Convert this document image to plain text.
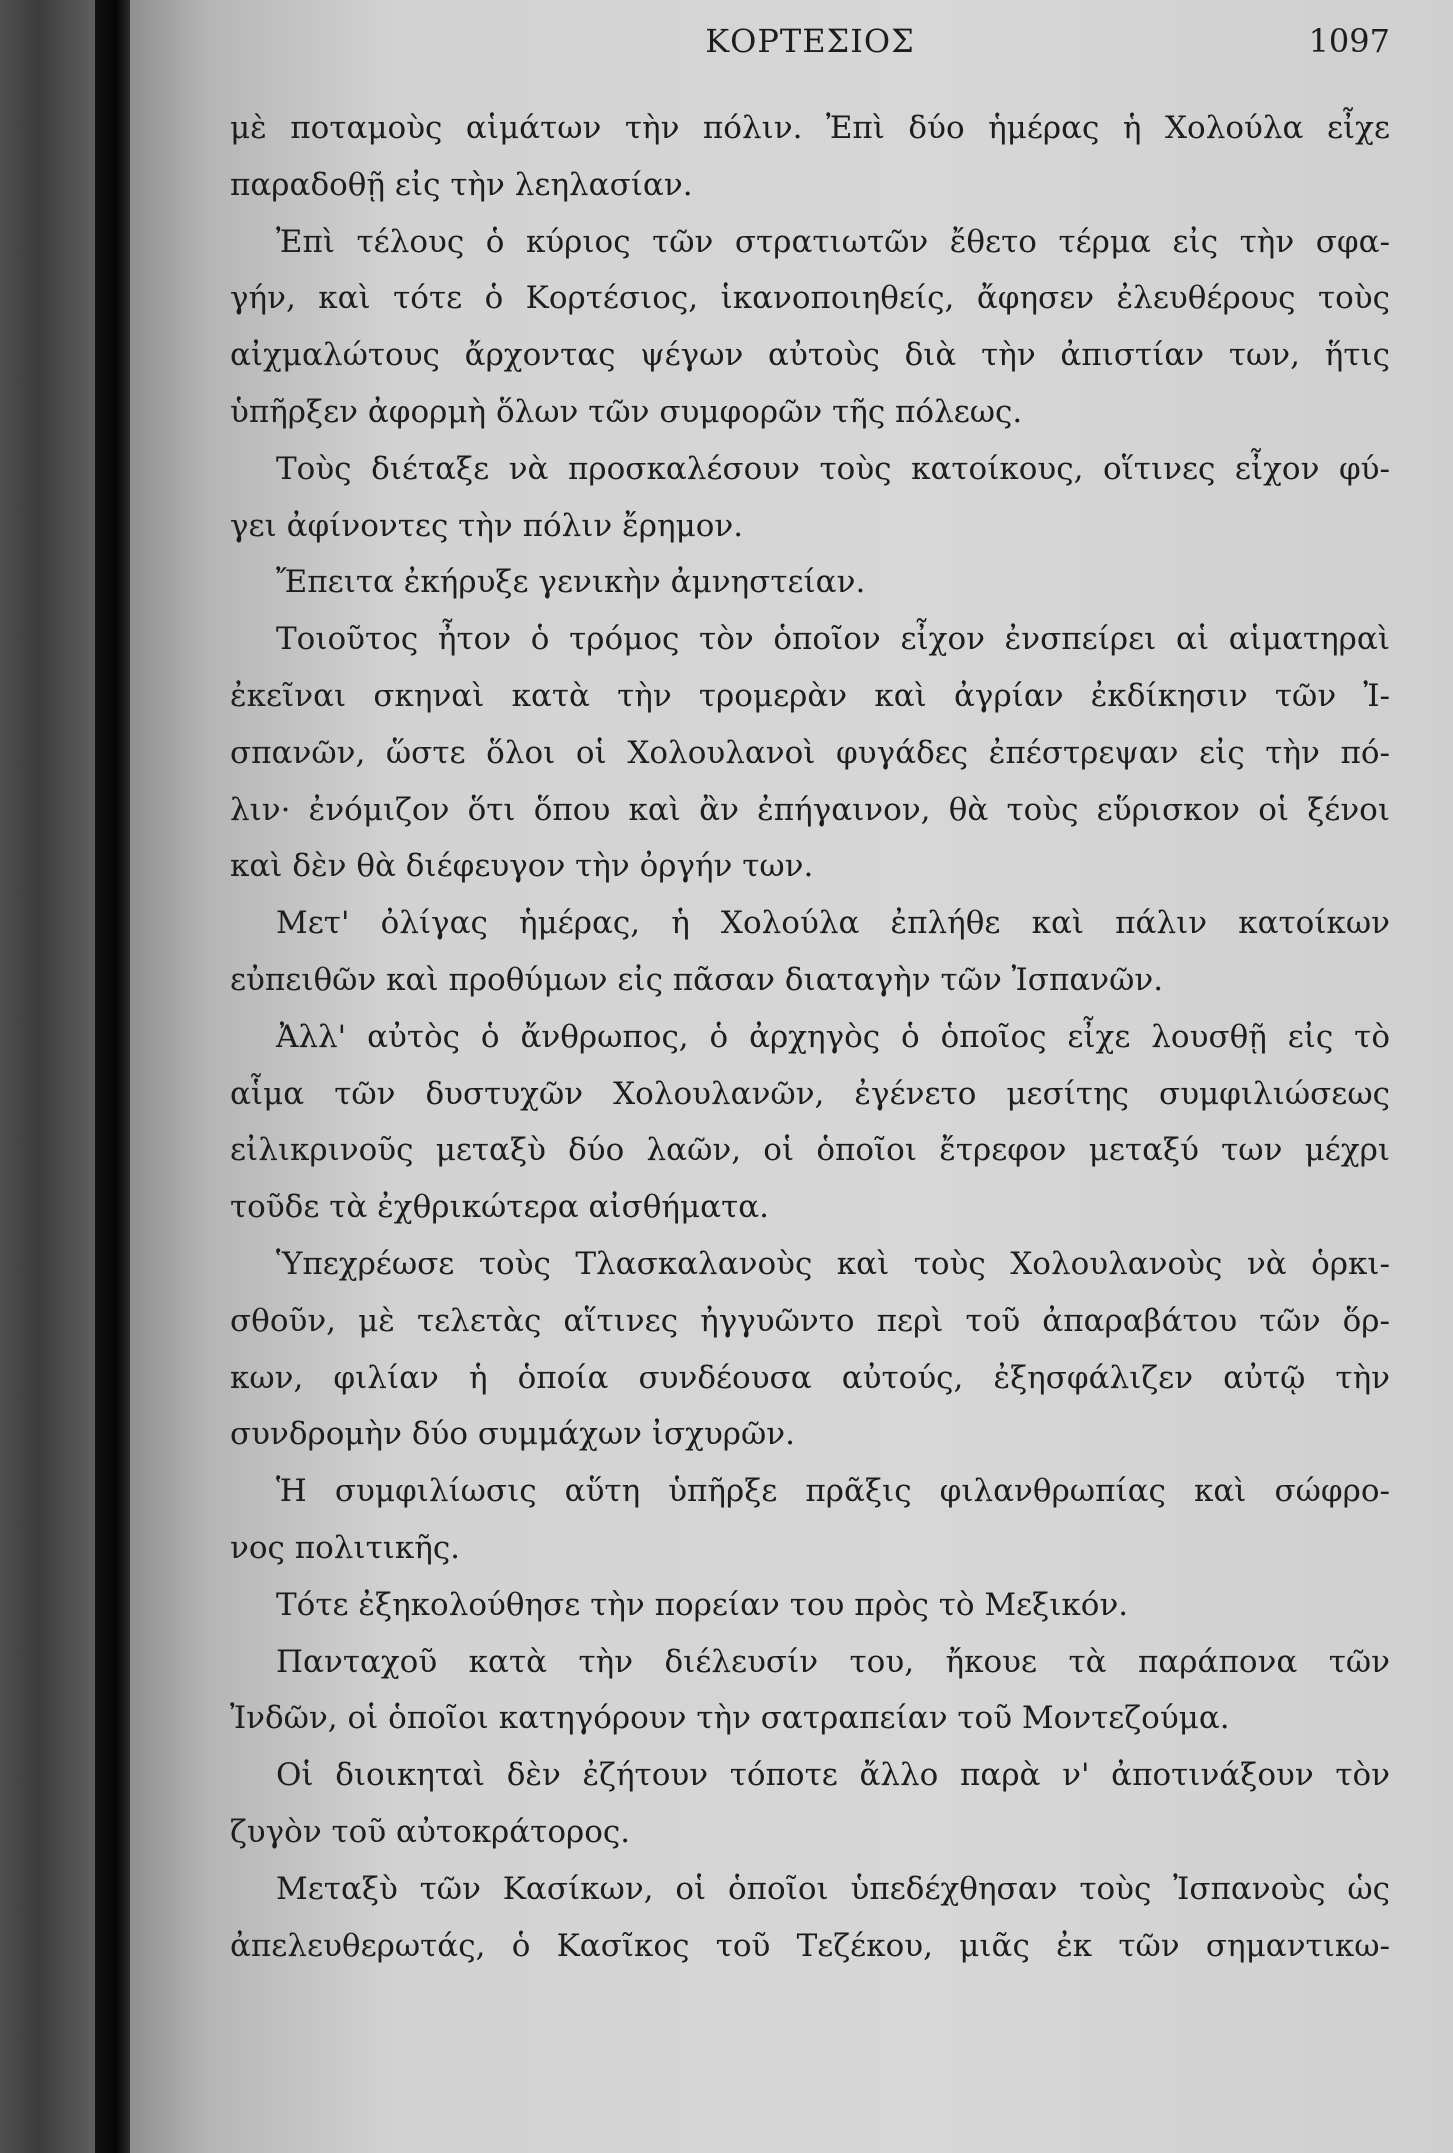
ΚΟΡΤΕΣΙΟΣ	1097
μὲ ποταμοὺς αἱμάτων τὴν πόλιν. Ἐπὶ δύο ἡμέρας ἡ Χολούλα εἶχε
παραδοθῇ εἰς τὴν λεηλασίαν.
Ἐπὶ τέλους ὁ κύριος τῶν στρατιωτῶν ἔθετο τέρμα εἰς τὴν σφα-
γήν, καὶ τότε ὁ Κορτέσιος, ἱκανοποιηθείς, ἄφησεν ἐλευθέρους τοὺς
αἰχμαλώτους ἄρχοντας ψέγων αὐτοὺς διὰ τὴν ἀπιστίαν των, ἥτις
ὑπῆρξεν ἀφορμὴ ὅλων τῶν συμφορῶν τῆς πόλεως.
Τοὺς διέταξε νὰ προσκαλέσουν τοὺς κατοίκους, οἵτινες εἶχον φύ-
γει ἀφίνοντες τὴν πόλιν ἔρημον.
Ἔπειτα ἐκήρυξε γενικὴν ἀμνηστείαν.
Τοιοῦτος ἦτον ὁ τρόμος τὸν ὁποῖον εἶχον ἐνσπείρει αἱ αἱματηραὶ
ἐκεῖναι σκηναὶ κατὰ τὴν τρομερὰν καὶ ἀγρίαν ἐκδίκησιν τῶν Ἰ-
σπανῶν, ὥστε ὅλοι οἱ Χολουλανοὶ φυγάδες ἐπέστρεψαν εἰς τὴν πό-
λιν· ἐνόμιζον ὅτι ὅπου καὶ ἂν ἐπήγαινον, θὰ τοὺς εὕρισκον οἱ ξένοι
καὶ δὲν θὰ διέφευγον τὴν ὀργήν των.
Μετ' ὀλίγας ἡμέρας, ἡ Χολούλα ἐπλήθε καὶ πάλιν κατοίκων
εὐπειθῶν καὶ προθύμων εἰς πᾶσαν διαταγὴν τῶν Ἰσπανῶν.
Ἀλλ' αὐτὸς ὁ ἄνθρωπος, ὁ ἀρχηγὸς ὁ ὁποῖος εἶχε λουσθῇ εἰς τὸ
αἷμα τῶν δυστυχῶν Χολουλανῶν, ἐγένετο μεσίτης συμφιλιώσεως
εἰλικρινοῦς μεταξὺ δύο λαῶν, οἱ ὁποῖοι ἔτρεφον μεταξύ των μέχρι
τοῦδε τὰ ἐχθρικώτερα αἰσθήματα.
Ὑπεχρέωσε τοὺς Τλασκαλανοὺς καὶ τοὺς Χολουλανοὺς νὰ ὁρκι-
σθοῦν, μὲ τελετὰς αἵτινες ἠγγυῶντο περὶ τοῦ ἀπαραβάτου τῶν ὅρ-
κων, φιλίαν ἡ ὁποία συνδέουσα αὐτούς, ἐξησφάλιζεν αὐτῷ τὴν
συνδρομὴν δύο συμμάχων ἰσχυρῶν.
Ἡ συμφιλίωσις αὕτη ὑπῆρξε πρᾶξις φιλανθρωπίας καὶ σώφρο-
νος πολιτικῆς.
Τότε ἐξηκολούθησε τὴν πορείαν του πρὸς τὸ Μεξικόν.
Πανταχοῦ κατὰ τὴν διέλευσίν του, ἤκουε τὰ παράπονα τῶν
Ἰνδῶν, οἱ ὁποῖοι κατηγόρουν τὴν σατραπείαν τοῦ Μοντεζούμα.
Οἱ διοικηταὶ δὲν ἐζήτουν τόποτε ἄλλο παρὰ ν' ἀποτινάξουν τὸν
ζυγὸν τοῦ αὐτοκράτορος.
Μεταξὺ τῶν Κασίκων, οἱ ὁποῖοι ὑπεδέχθησαν τοὺς Ἰσπανοὺς ὡς
ἀπελευθερωτάς, ὁ Κασῖκος τοῦ Τεζέκου, μιᾶς ἐκ τῶν σημαντικω-
